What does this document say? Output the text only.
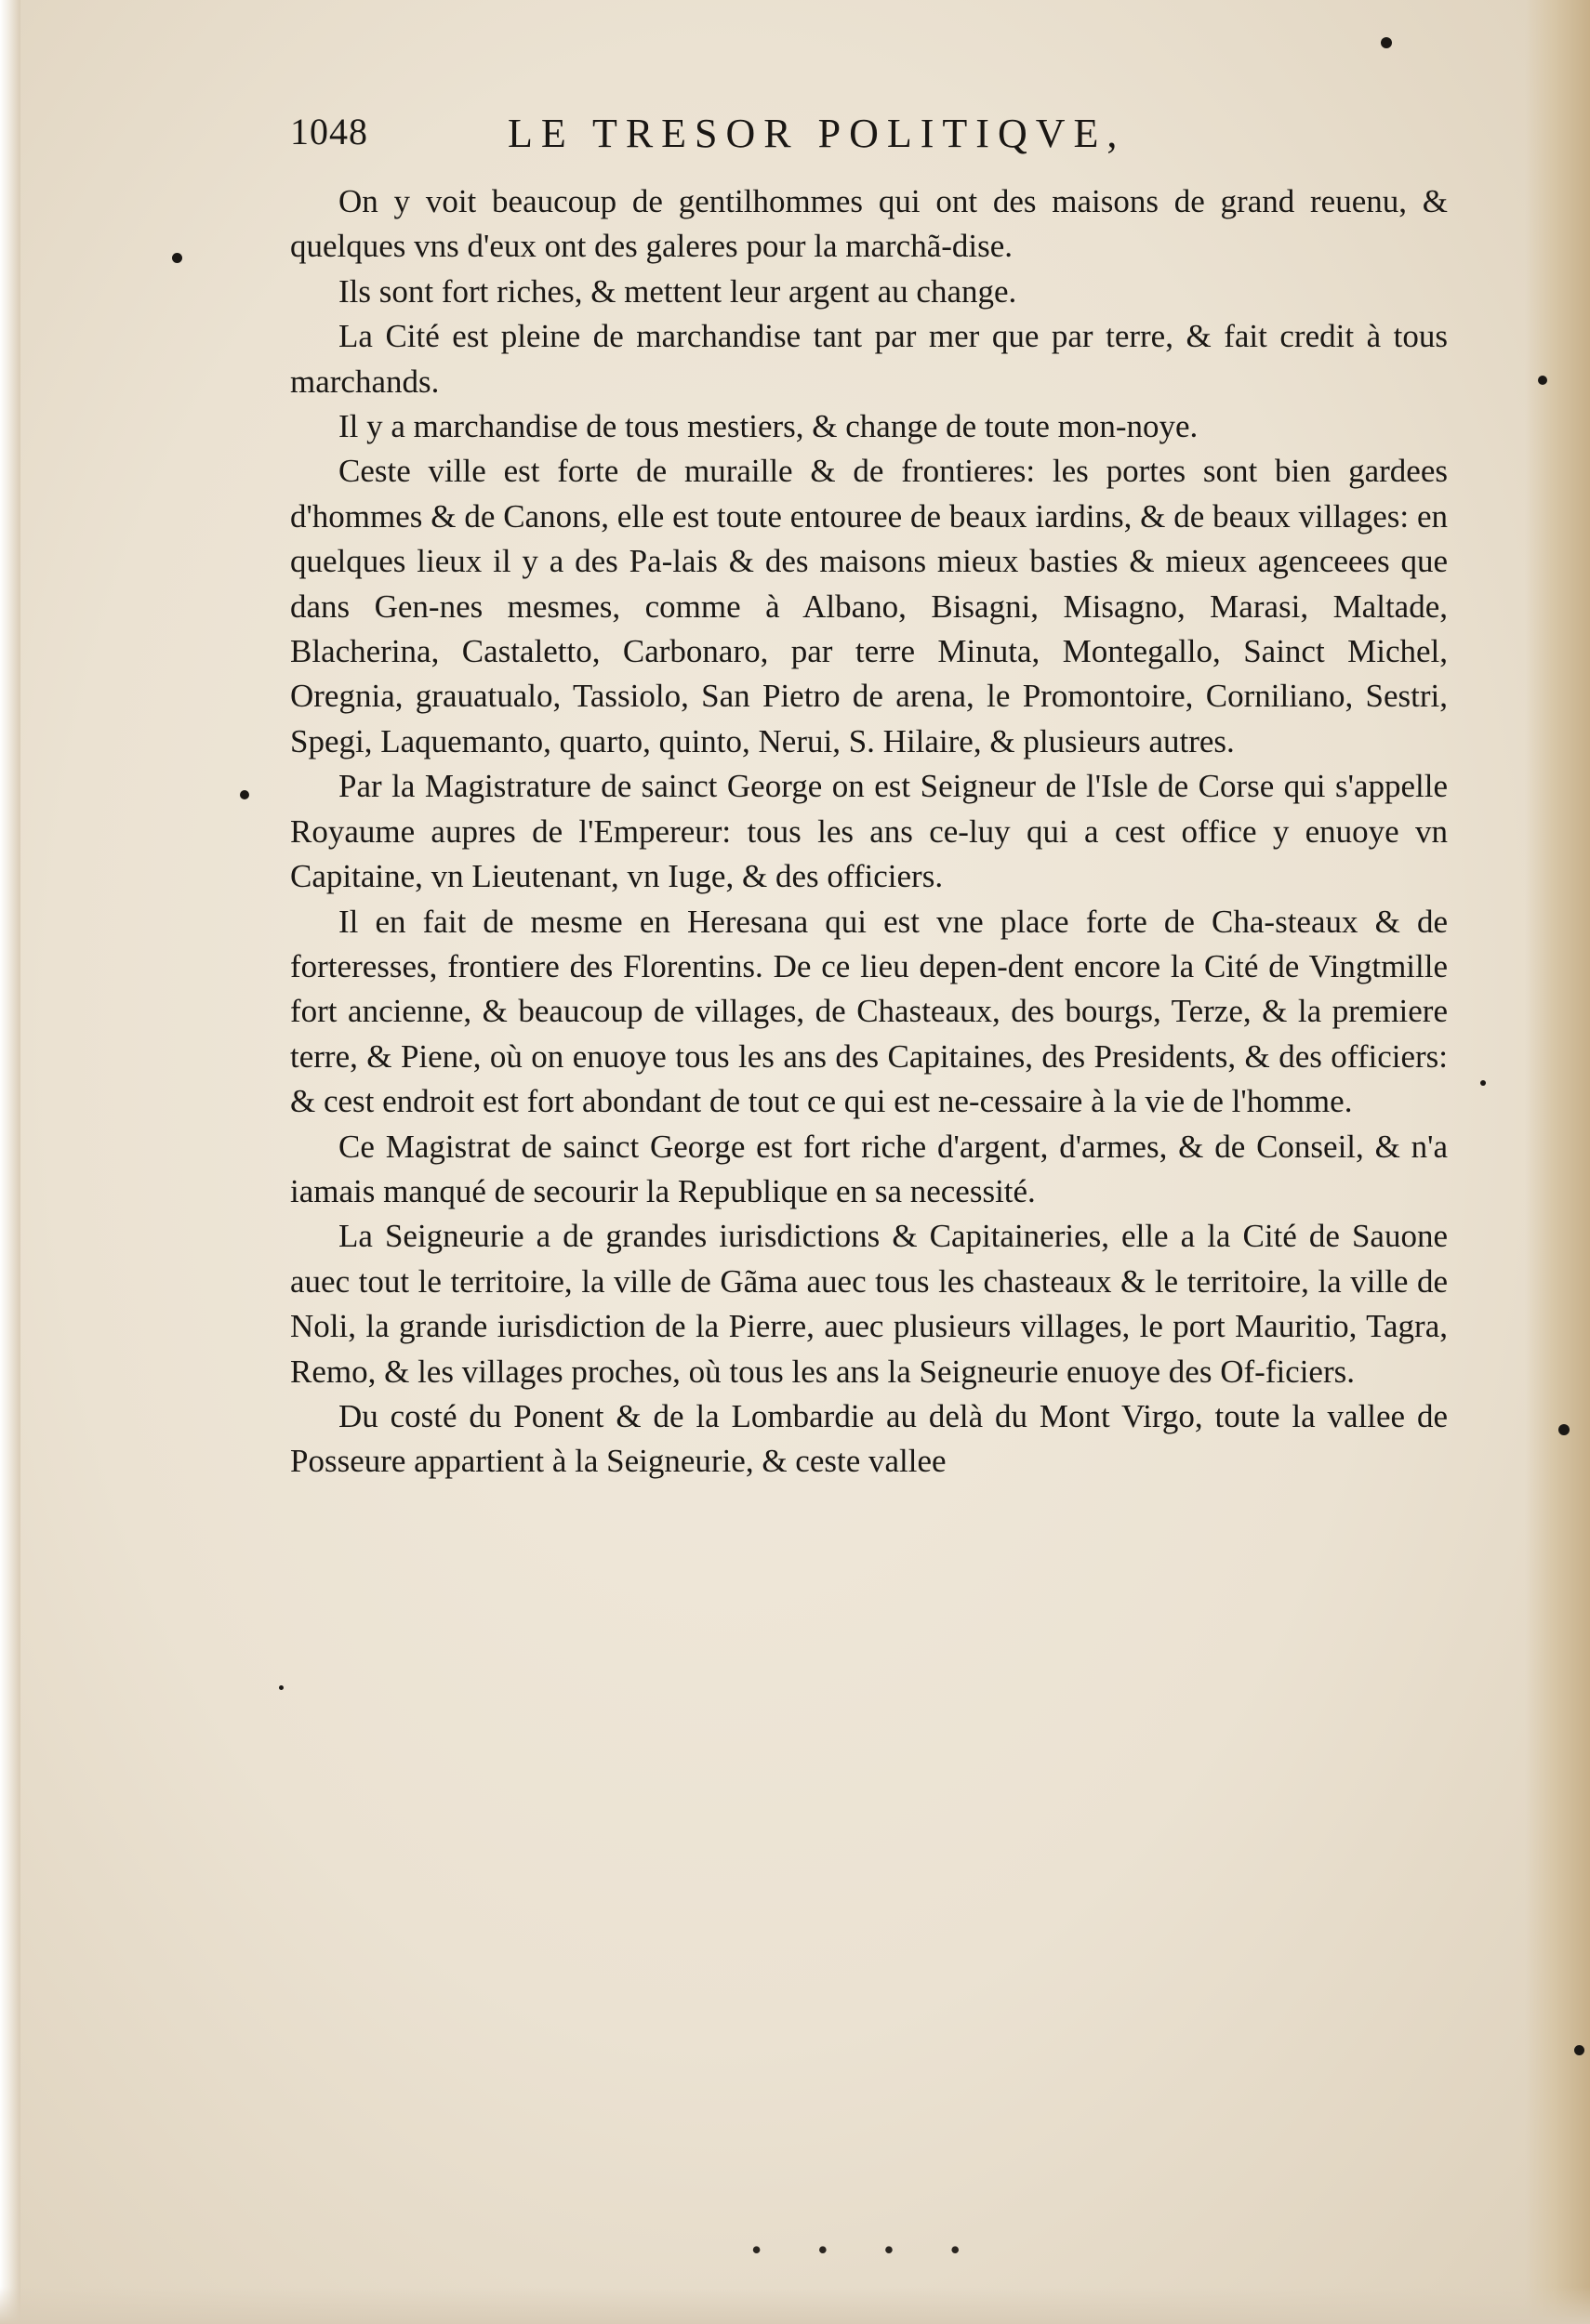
1048	LE TRESOR POLITIQVE,

On y voit beaucoup de gentilhommes qui ont des maisons de grand reuenu, & quelques vns d'eux ont des galeres pour la marchã-dise.

Ils sont fort riches, & mettent leur argent au change.

La Cité est pleine de marchandise tant par mer que par terre, & fait credit à tous marchands.

Il y a marchandise de tous mestiers, & change de toute mon-noye.

Ceste ville est forte de muraille & de frontieres: les portes sont bien gardees d'hommes & de Canons, elle est toute entouree de beaux iardins, & de beaux villages: en quelques lieux il y a des Pa-lais & des maisons mieux basties & mieux agenceees que dans Gen-nes mesmes, comme à Albano, Bisagni, Misagno, Marasi, Maltade, Blacherina, Castaletto, Carbonaro, par terre Minuta, Montegallo, Sainct Michel, Oregnia, grauatualo, Tassiolo, San Pietro de arena, le Promontoire, Corniliano, Sestri, Spegi, Laquemanto, quarto, quinto, Nerui, S. Hilaire, & plusieurs autres.

Par la Magistrature de sainct George on est Seigneur de l'Isle de Corse qui s'appelle Royaume aupres de l'Empereur: tous les ans ce-luy qui a cest office y enuoye vn Capitaine, vn Lieutenant, vn Iuge, & des officiers.

Il en fait de mesme en Heresana qui est vne place forte de Cha-steaux & de forteresses, frontiere des Florentins. De ce lieu depen-dent encore la Cité de Vingtmille fort ancienne, & beaucoup de villages, de Chasteaux, des bourgs, Terze, & la premiere terre, & Piene, où on enuoye tous les ans des Capitaines, des Presidents, & des officiers: & cest endroit est fort abondant de tout ce qui est ne-cessaire à la vie de l'homme.

Ce Magistrat de sainct George est fort riche d'argent, d'armes, & de Conseil, & n'a iamais manqué de secourir la Republique en sa necessité.

La Seigneurie a de grandes iurisdictions & Capitaineries, elle a la Cité de Sauone auec tout le territoire, la ville de Gãma auec tous les chasteaux & le territoire, la ville de Noli, la grande iurisdiction de la Pierre, auec plusieurs villages, le port Mauritio, Tagra, Remo, & les villages proches, où tous les ans la Seigneurie enuoye des Of-ficiers.

Du costé du Ponent & de la Lombardie au delà du Mont Virgo, toute la vallee de Posseure appartient à la Seigneurie, & ceste vallee

• • • •
